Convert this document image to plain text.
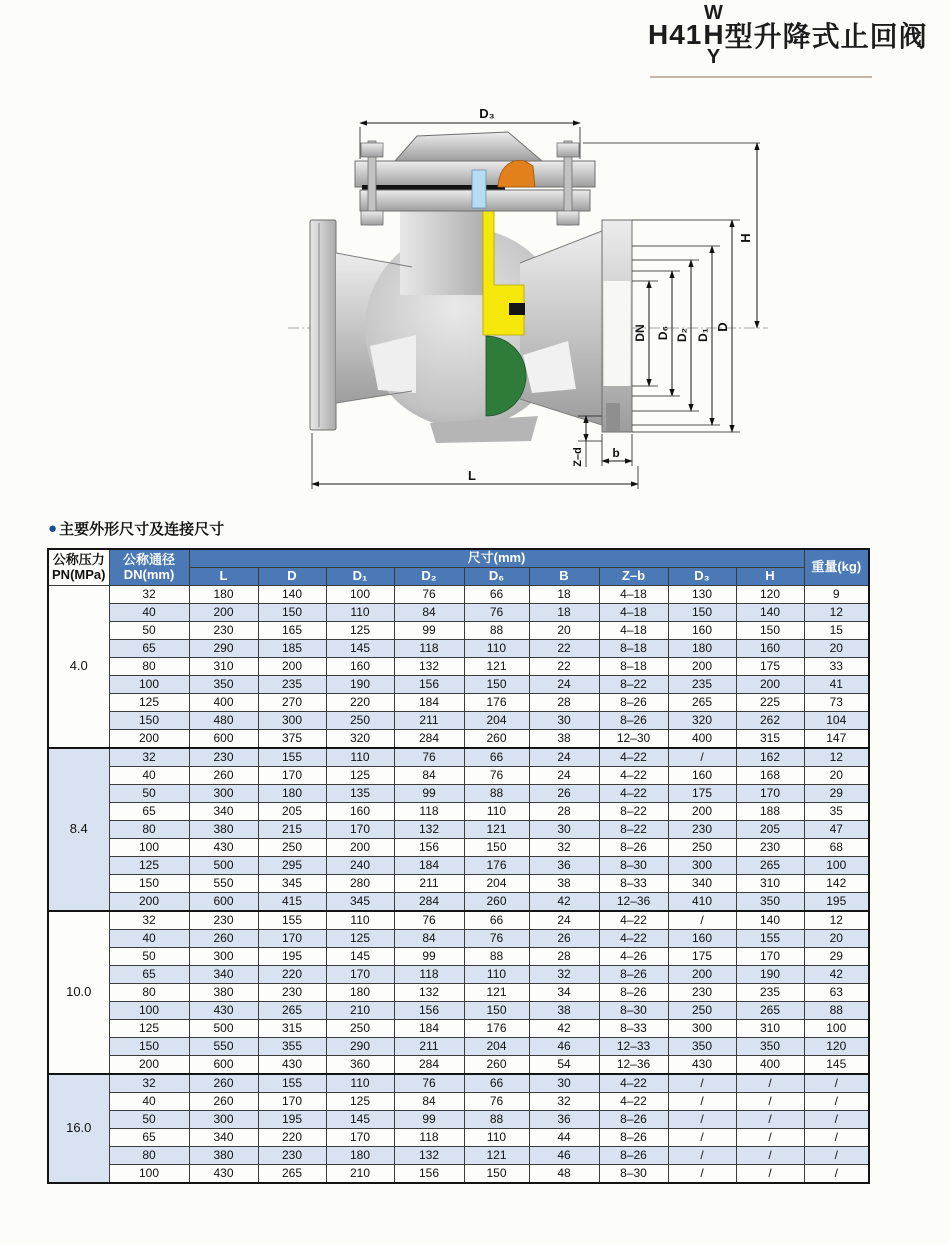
H41
W
H
Y
型升降式止回阀
D₃
H
DN D₆ D₂ D₁
D
Z–d b
L
● 主要外形尺寸及连接尺寸
公称压力
PN(MPa)	公称通径
DN(mm)	尺寸(mm)									重量(kg)
		L	D	D₁	D₂	D₆	B	Z–b	D₃	H	
4.0	32	180	140	100	76	66	18	4–18	130	120	9
	40	200	150	110	84	76	18	4–18	150	140	12
	50	230	165	125	99	88	20	4–18	160	150	15
	65	290	185	145	118	110	22	8–18	180	160	20
	80	310	200	160	132	121	22	8–18	200	175	33
	100	350	235	190	156	150	24	8–22	235	200	41
	125	400	270	220	184	176	28	8–26	265	225	73
	150	480	300	250	211	204	30	8–26	320	262	104
	200	600	375	320	284	260	38	12–30	400	315	147
8.4	32	230	155	110	76	66	24	4–22	/	162	12
	40	260	170	125	84	76	24	4–22	160	168	20
	50	300	180	135	99	88	26	4–22	175	170	29
	65	340	205	160	118	110	28	8–22	200	188	35
	80	380	215	170	132	121	30	8–22	230	205	47
	100	430	250	200	156	150	32	8–26	250	230	68
	125	500	295	240	184	176	36	8–30	300	265	100
	150	550	345	280	211	204	38	8–33	340	310	142
	200	600	415	345	284	260	42	12–36	410	350	195
10.0	32	230	155	110	76	66	24	4–22	/	140	12
	40	260	170	125	84	76	26	4–22	160	155	20
	50	300	195	145	99	88	28	4–26	175	170	29
	65	340	220	170	118	110	32	8–26	200	190	42
	80	380	230	180	132	121	34	8–26	230	235	63
	100	430	265	210	156	150	38	8–30	250	265	88
	125	500	315	250	184	176	42	8–33	300	310	100
	150	550	355	290	211	204	46	12–33	350	350	120
	200	600	430	360	284	260	54	12–36	430	400	145
16.0	32	260	155	110	76	66	30	4–22	/	/	/
	40	260	170	125	84	76	32	4–22	/	/	/
	50	300	195	145	99	88	36	8–26	/	/	/
	65	340	220	170	118	110	44	8–26	/	/	/
	80	380	230	180	132	121	46	8–26	/	/	/
	100	430	265	210	156	150	48	8–30	/	/	/
